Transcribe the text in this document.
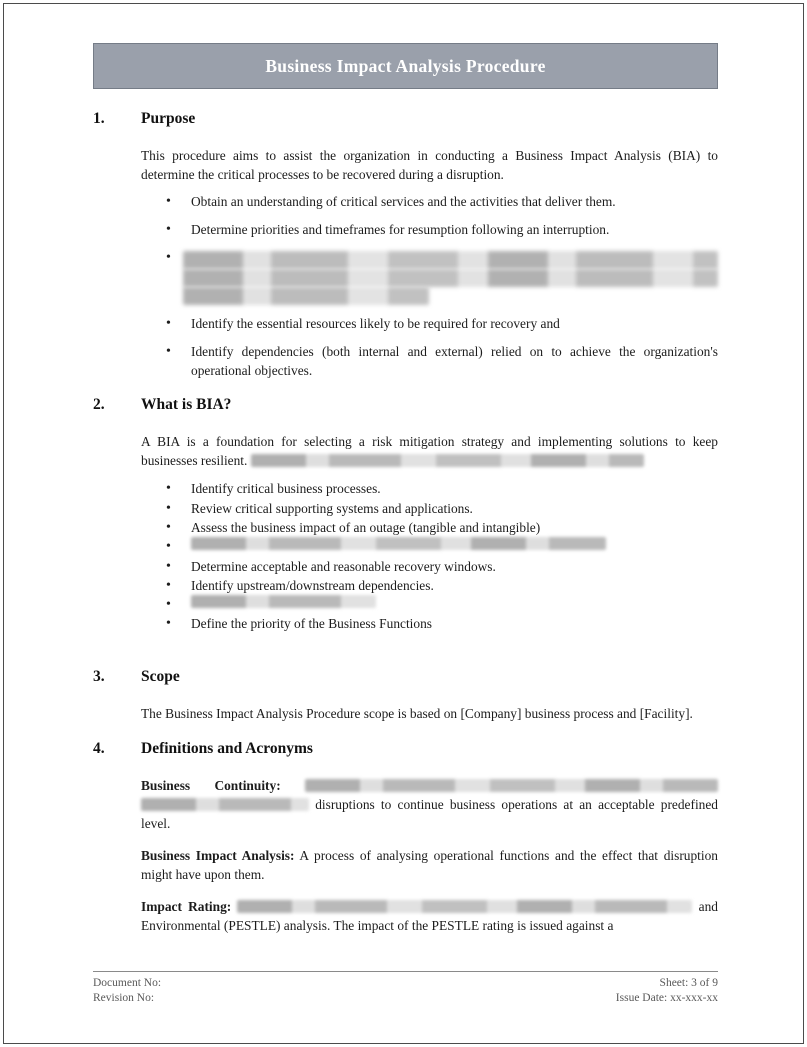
Business Impact Analysis Procedure
1.	Purpose

This procedure aims to assist the organization in conducting a Business Impact Analysis (BIA) to determine the critical processes to be recovered during a disruption.

• Obtain an understanding of critical services and the activities that deliver them.
• Determine priorities and timeframes for resumption following an interruption.
•
• Identify the essential resources likely to be required for recovery and
• Identify dependencies (both internal and external) relied on to achieve the organization's operational objectives.
2.	What is BIA?

A BIA is a foundation for selecting a risk mitigation strategy and implementing solutions to keep businesses resilient.

• Identify critical business processes.
• Review critical supporting systems and applications.
• Assess the business impact of an outage (tangible and intangible)
•
• Determine acceptable and reasonable recovery windows.
• Identify upstream/downstream dependencies.
•
• Define the priority of the Business Functions
3.	Scope

The Business Impact Analysis Procedure scope is based on [Company] business process and [Facility].

4.	Definitions and Acronyms

Business Continuity:   disruptions to continue business operations at an acceptable predefined level.

Business Impact Analysis: A process of analysing operational functions and the effect that disruption might have upon them.

Impact Rating:	and Environmental (PESTLE) analysis. The impact of the PESTLE rating is issued against a

Document No:
Revision No:
Sheet: 3 of 9
Issue Date: xx-xxx-xx
